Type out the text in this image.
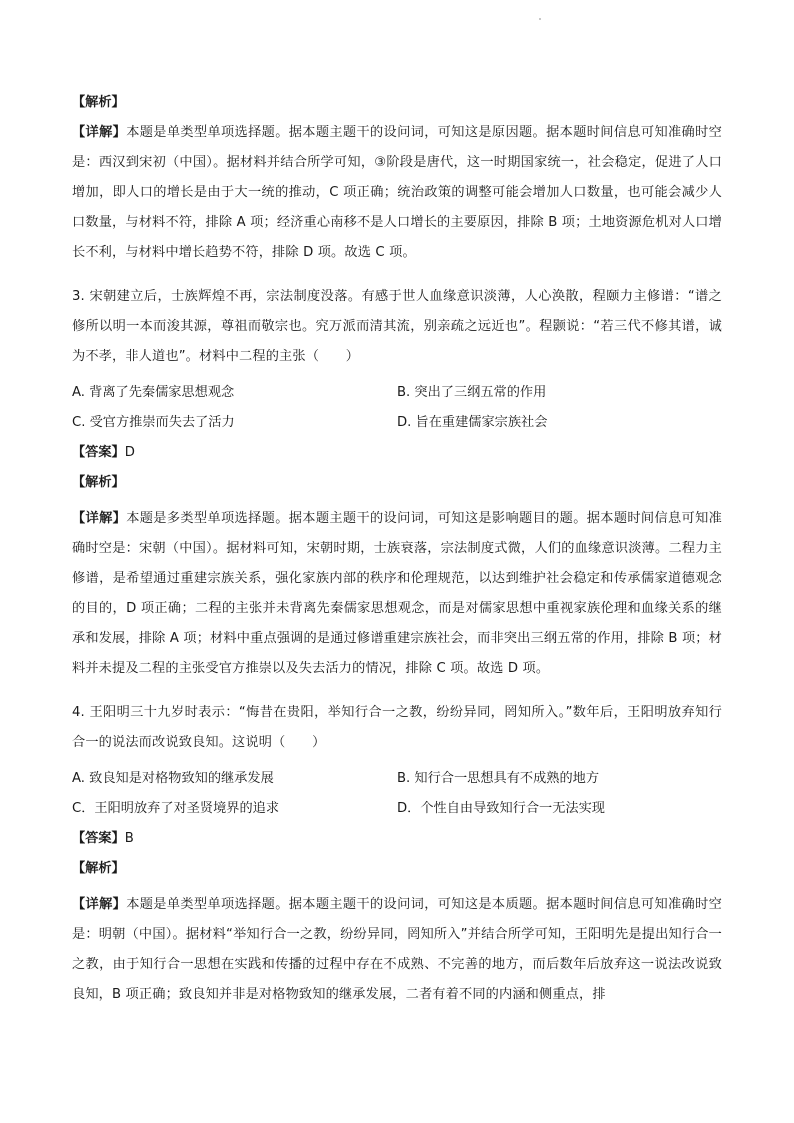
【解析】

【详解】本题是单类型单项选择题。据本题主题干的设问词，可知这是原因题。据本题时间信息可知准确时空是：西汉到宋初（中国）。据材料并结合所学可知，③阶段是唐代，这一时期国家统一，社会稳定，促进了人口增加，即人口的增长是由于大一统的推动，C 项正确；统治政策的调整可能会增加人口数量，也可能会减少人口数量，与材料不符，排除 A 项；经济重心南移不是人口增长的主要原因，排除 B 项；土地资源危机对人口增长不利，与材料中增长趋势不符，排除 D 项。故选 C 项。

3. 宋朝建立后，士族辉煌不再，宗法制度没落。有感于世人血缘意识淡薄，人心涣散，程颐力主修谱：“谱之修所以明一本而浚其源，尊祖而敬宗也。究万派而清其流，别亲疏之远近也”。程颢说：“若三代不修其谱，诚为不孝，非人道也”。材料中二程的主张（　　）

A. 背离了先秦儒家思想观念	B. 突出了三纲五常的作用
C. 受官方推崇而失去了活力	D. 旨在重建儒家宗族社会

【答案】D

【解析】

【详解】本题是多类型单项选择题。据本题主题干的设问词，可知这是影响题目的题。据本题时间信息可知准确时空是：宋朝（中国）。据材料可知，宋朝时期，士族衰落，宗法制度式微，人们的血缘意识淡薄。二程力主修谱，是希望通过重建宗族关系，强化家族内部的秩序和伦理规范，以达到维护社会稳定和传承儒家道德观念的目的，D 项正确；二程的主张并未背离先秦儒家思想观念，而是对儒家思想中重视家族伦理和血缘关系的继承和发展，排除 A 项；材料中重点强调的是通过修谱重建宗族社会，而非突出三纲五常的作用，排除 B 项；材料并未提及二程的主张受官方推崇以及失去活力的情况，排除 C 项。故选 D 项。

4. 王阳明三十九岁时表示：“悔昔在贵阳，举知行合一之教，纷纷异同，罔知所入。”数年后，王阳明放弃知行合一的说法而改说致良知。这说明（　　）

A. 致良知是对格物致知的继承发展	B. 知行合一思想具有不成熟的地方
C．王阳明放弃了对圣贤境界的追求	D．个性自由导致知行合一无法实现

【答案】B

【解析】

【详解】本题是单类型单项选择题。据本题主题干的设问词，可知这是本质题。据本题时间信息可知准确时空是：明朝（中国）。据材料“举知行合一之教，纷纷异同，罔知所入”并结合所学可知，王阳明先是提出知行合一之教，由于知行合一思想在实践和传播的过程中存在不成熟、不完善的地方，而后数年后放弃这一说法改说致良知，B 项正确；致良知并非是对格物致知的继承发展，二者有着不同的内涵和侧重点，排
